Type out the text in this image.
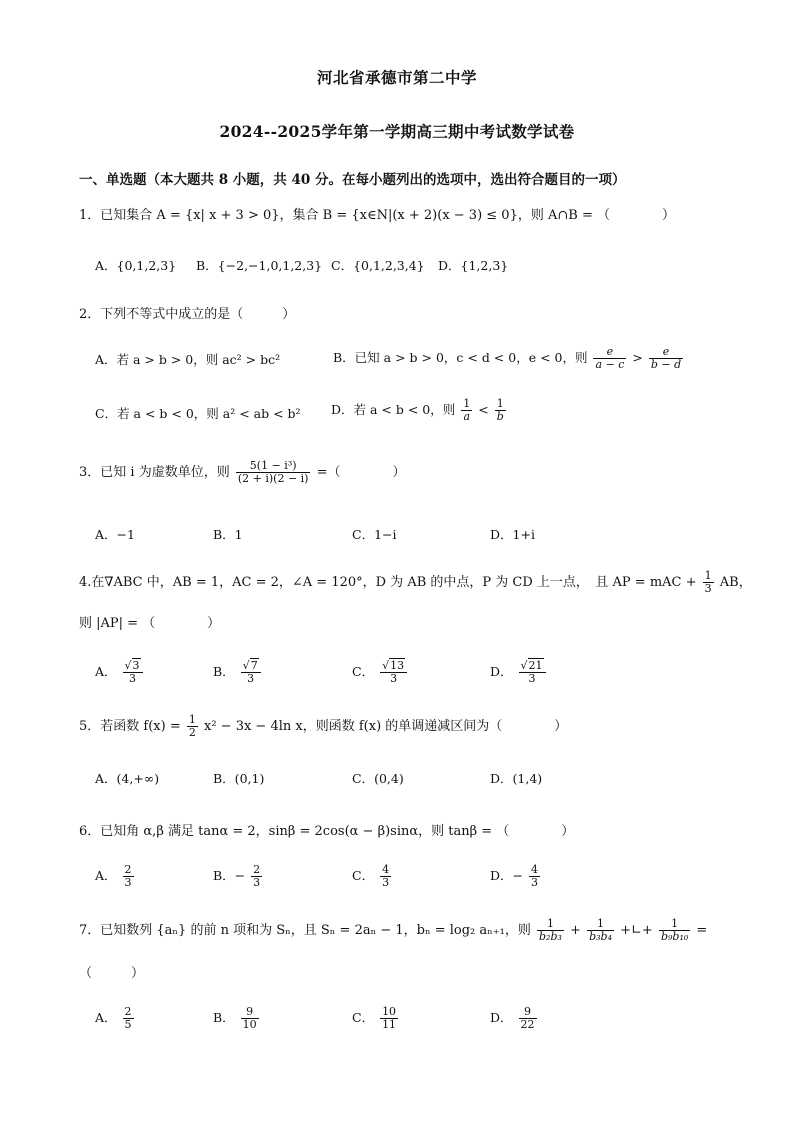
河北省承德市第二中学
2024--2025学年第一学期高三期中考试数学试卷
一、单选题（本大题共 8 小题，共 40 分。在每小题列出的选项中，选出符合题目的一项）
1．已知集合 A = {x| x + 3 > 0}，集合 B = {x∈N|(x + 2)(x − 3) ≤ 0}，则 A∩B = （　　　　）
A．{0,1,2,3} B．{−2,−1,0,1,2,3} C．{0,1,2,3,4} D．{1,2,3}
2．下列不等式中成立的是（　　　）
A．若 a > b > 0，则 ac² > bc²	B．已知 a > b > 0，c < d < 0，e < 0，则 $\frac{e}{a - c} > \frac{e}{b - d}$
C．若 a < b < 0，则 a² < ab < b² D．若 a < b < 0，则 $\frac{1}{a} < \frac{1}{b}$
3．已知 i 为虚数单位，则 $\frac{\text{5(1 − i³)}}{(2 + i)(2 - i)}$ =（　　　　）
A．−1	B．1	C．1−i	D．1+i
4.在∇ABC 中，AB = 1，AC = 2，∠A = 120°，D 为 AB 的中点，P 为 CD 上一点，　且 AP = mAC + $\frac{1}{3}$ AB，
则 |AP| = （　　　　）
A． $\frac{√3}{3}$	B． $\frac{√7}{3}$	C． $\frac{√13}{3}$	D． $\frac{√21}{3}$
5．若函数 $f(x) = \frac{1}{2} x^2 - 3x - 4\ln$ x，则函数 f(x) 的单调递减区间为（　　　　）
A．(4,+∞)	B．(0,1)	C．(0,4)	D．(1,4)
6．已知角 α,β 满足 tanα = 2，sinβ = 2cos(α − β)sinα，则 tanβ = （　　　　）
A． $\frac{2}{3}$	B．− $\frac{2}{3}$	C． $\frac{4}{3}$	D．− $\frac{4}{3}$
7．已知数列 {aₙ} 的前 n 项和为 Sₙ，且 Sₙ = 2aₙ − 1，bₙ = log₂ aₙ₊₁，则 $\frac{1}{\text{b₂b₃}} + \frac{1}{\text{b₃b₄}}$ +∟+ $\frac{1}{\text{b₉b₁₀}}$ =
（　　　）
A． $\frac{2}{5}$	B． $\frac{9}{10}$	C． $\frac{10}{11}$	D． $\frac{9}{22}$
